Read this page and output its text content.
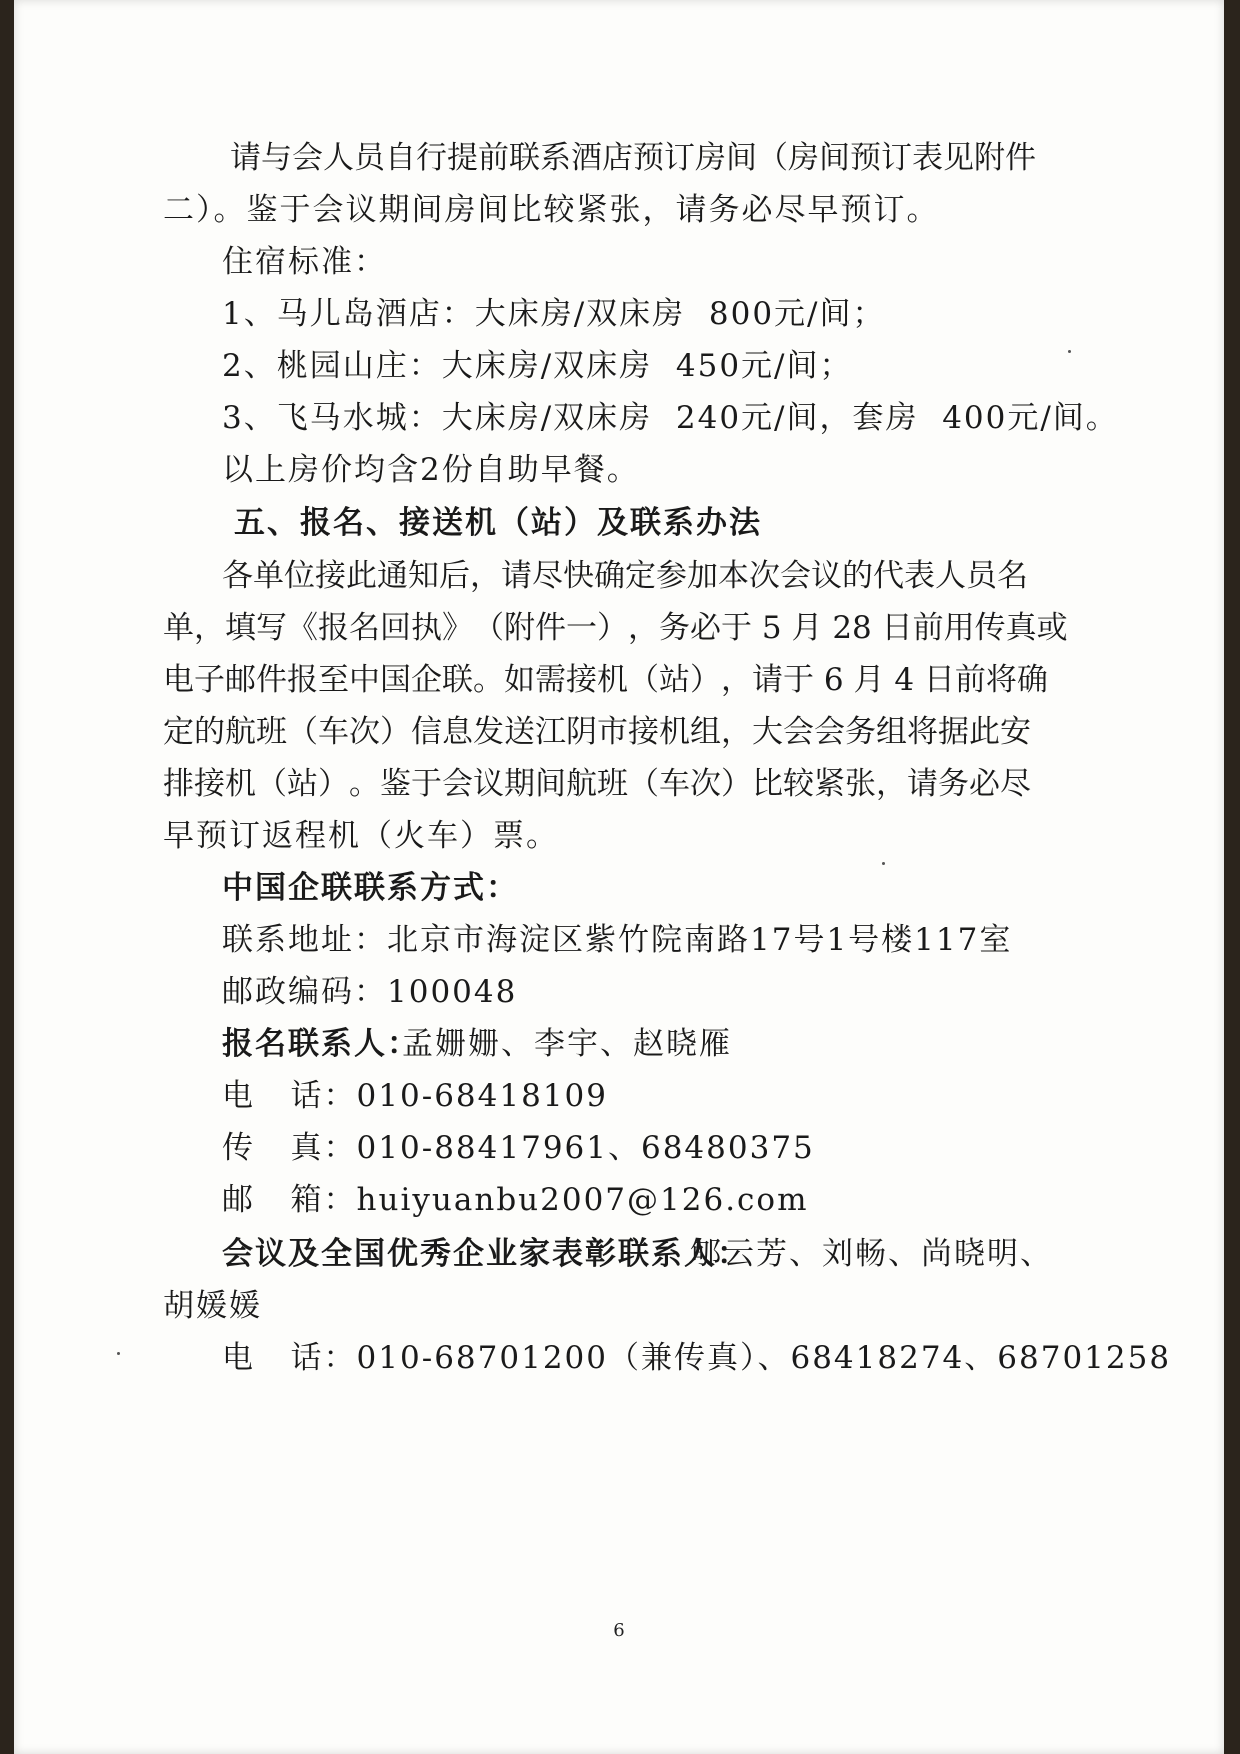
请 与 会 人 员 自 行 提 前 联 系 酒 店 预 订 房 间 （ 房 间 预 订 表 见 附 件
二）。鉴于会议期间房间比较紧张，请务必尽早预订。
住宿标准：
1、马儿岛酒店：大床房/双床房  800元/间；
2、桃园山庄：大床房/双床房  450元/间；
3、飞马水城：大床房/双床房  240元/间，套房  400元/间。
以上房价均含2份自助早餐。
五、报名、接送机（站）及联系办法
各 单 位 接 此 通 知 后 ， 请 尽 快 确 定 参 加 本 次 会 议 的 代 表 人 员 名
单 ， 填 写 《 报 名 回 执 》 （ 附 件 一 ） ， 务 必 于
5
月
2 8
日 前 用 传 真 或
电 子 邮 件 报 至 中 国 企 联 。 如 需 接 机 （ 站 ） ， 请 于
6
月
4
日 前 将 确
定 的 航 班 （ 车 次 ） 信 息 发 送 江 阴 市 接 机 组 ， 大 会 会 务 组 将 据 此 安
排 接 机 （ 站 ） 。 鉴 于 会 议 期 间 航 班 （ 车 次 ） 比 较 紧 张 ， 请 务 必 尽
早预订返程机（火车）票。
中国企联联系方式：
联系地址：北京市海淀区紫竹院南路17号1号楼117室
邮政编码：100048
报名联系人：
孟姗姗、李宇、赵晓雁
电   话：010-68418109
传   真：010-88417961、68480375
邮   箱：huiyuanbu2007@126.com
会议及全国优秀企业家表彰联系人：
郇云芳、刘畅、尚晓明、
胡媛媛
电   话：010-68701200（兼传真）、68418274、68701258
6
